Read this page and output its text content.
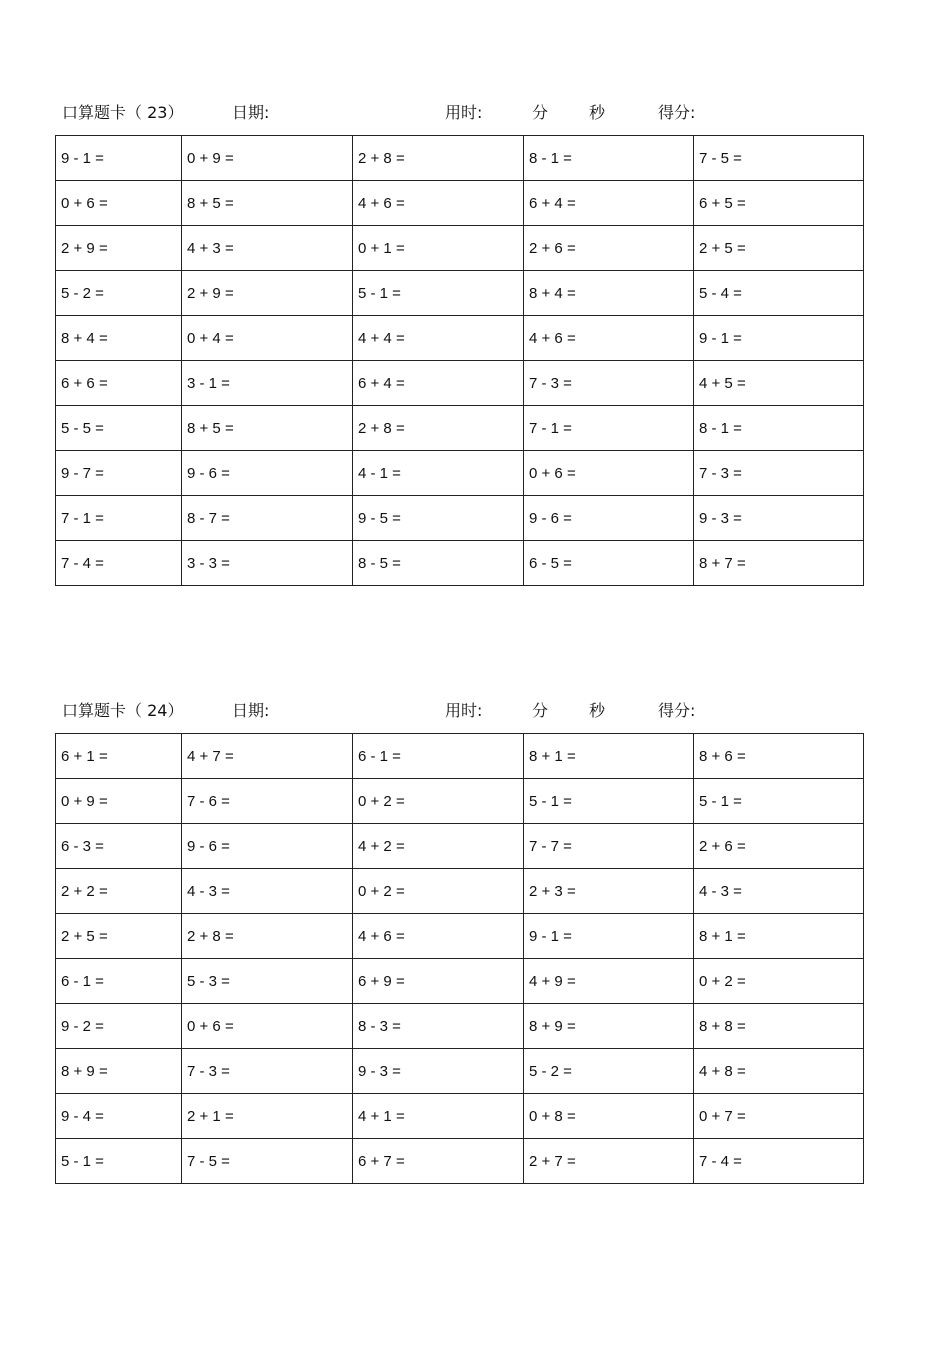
口算题卡（ 23）	日期:	用时:	分	秒	得分:
9 - 1 =	0 + 9 =	2 + 8 =	8 - 1 =	7 - 5 =
0 + 6 =	8 + 5 =	4 + 6 =	6 + 4 =	6 + 5 =
2 + 9 =	4 + 3 =	0 + 1 =	2 + 6 =	2 + 5 =
5 - 2 =	2 + 9 =	5 - 1 =	8 + 4 =	5 - 4 =
8 + 4 =	0 + 4 =	4 + 4 =	4 + 6 =	9 - 1 =
6 + 6 =	3 - 1 =	6 + 4 =	7 - 3 =	4 + 5 =
5 - 5 =	8 + 5 =	2 + 8 =	7 - 1 =	8 - 1 =
9 - 7 =	9 - 6 =	4 - 1 =	0 + 6 =	7 - 3 =
7 - 1 =	8 - 7 =	9 - 5 =	9 - 6 =	9 - 3 =
7 - 4 =	3 - 3 =	8 - 5 =	6 - 5 =	8 + 7 =
口算题卡（ 24）	日期:	用时:	分	秒	得分:
6 + 1 =	4 + 7 =	6 - 1 =	8 + 1 =	8 + 6 =
0 + 9 =	7 - 6 =	0 + 2 =	5 - 1 =	5 - 1 =
6 - 3 =	9 - 6 =	4 + 2 =	7 - 7 =	2 + 6 =
2 + 2 =	4 - 3 =	0 + 2 =	2 + 3 =	4 - 3 =
2 + 5 =	2 + 8 =	4 + 6 =	9 - 1 =	8 + 1 =
6 - 1 =	5 - 3 =	6 + 9 =	4 + 9 =	0 + 2 =
9 - 2 =	0 + 6 =	8 - 3 =	8 + 9 =	8 + 8 =
8 + 9 =	7 - 3 =	9 - 3 =	5 - 2 =	4 + 8 =
9 - 4 =	2 + 1 =	4 + 1 =	0 + 8 =	0 + 7 =
5 - 1 =	7 - 5 =	6 + 7 =	2 + 7 =	7 - 4 =
